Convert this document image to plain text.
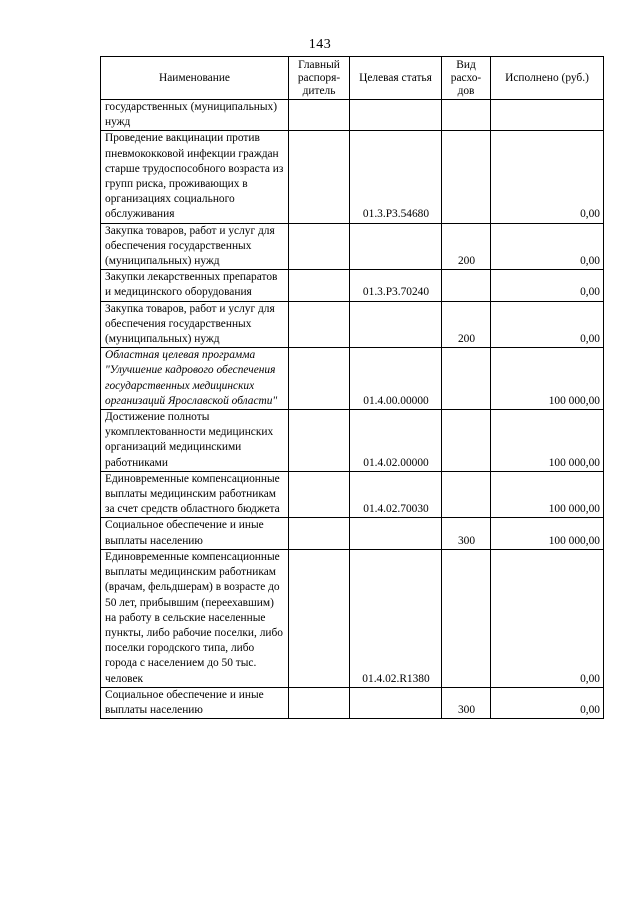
143
Наименование	Главный распоря-дитель	Целевая статья	Вид расхо-дов	Исполнено (руб.)
государственных (муниципальных) нужд				
Проведение вакцинации против пневмококковой инфекции граждан старше трудоспособного возраста из групп риска, проживающих в организациях социального обслуживания		01.3.P3.54680		0,00
Закупка товаров, работ и услуг для обеспечения государственных (муниципальных) нужд			200	0,00
Закупки лекарственных препаратов и медицинского оборудования		01.3.P3.70240		0,00
Закупка товаров, работ и услуг для обеспечения государственных (муниципальных) нужд			200	0,00
Областная целевая программа "Улучшение кадрового обеспечения государственных медицинских организаций Ярославской области"		01.4.00.00000		100 000,00
Достижение полноты укомплектованности медицинских организаций медицинскими работниками		01.4.02.00000		100 000,00
Единовременные компенсационные выплаты медицинским работникам за счет средств областного бюджета		01.4.02.70030		100 000,00
Социальное обеспечение и иные выплаты населению			300	100 000,00
Единовременные компенсационные выплаты медицинским работникам (врачам, фельдшерам) в возрасте до 50 лет, прибывшим (переехавшим) на работу в сельские населенные пункты, либо рабочие поселки, либо поселки городского типа, либо города с населением до 50 тыс. человек		01.4.02.R1380		0,00
Социальное обеспечение и иные выплаты населению			300	0,00
